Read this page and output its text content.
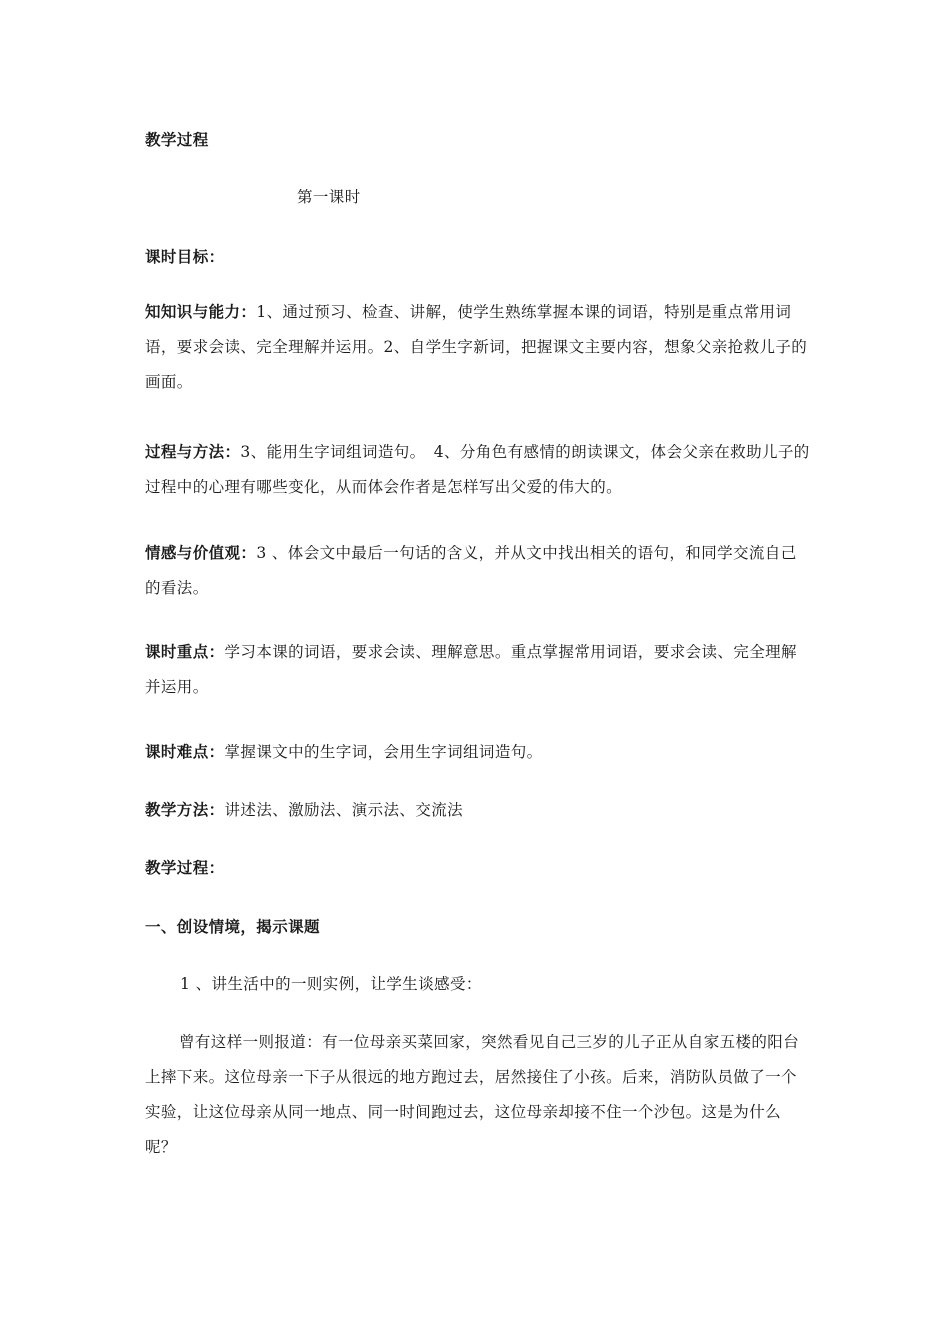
教学过程
第一课时
课时目标：
知知识与能力：1、通过预习、检查、讲解，使学生熟练掌握本课的词语，特别是重点常用词语，要求会读、完全理解并运用。2、自学生字新词，把握课文主要内容，想象父亲抢救儿子的画面。
过程与方法：3、能用生字词组词造句。　4、分角色有感情的朗读课文，体会父亲在救助儿子的过程中的心理有哪些变化，从而体会作者是怎样写出父爱的伟大的。
情感与价值观：3 、体会文中最后一句话的含义，并从文中找出相关的语句，和同学交流自己的看法。
课时重点：学习本课的词语，要求会读、理解意思。重点掌握常用词语，要求会读、完全理解并运用。
课时难点：掌握课文中的生字词，会用生字词组词造句。
教学方法：讲述法、激励法、演示法、交流法
教学过程：
一、创设情境，揭示课题
1 、讲生活中的一则实例，让学生谈感受：
曾有这样一则报道：有一位母亲买菜回家，突然看见自己三岁的儿子正从自家五楼的阳台上摔下来。这位母亲一下子从很远的地方跑过去，居然接住了小孩。后来，消防队员做了一个实验，让这位母亲从同一地点、同一时间跑过去，这位母亲却接不住一个沙包。这是为什么呢？
